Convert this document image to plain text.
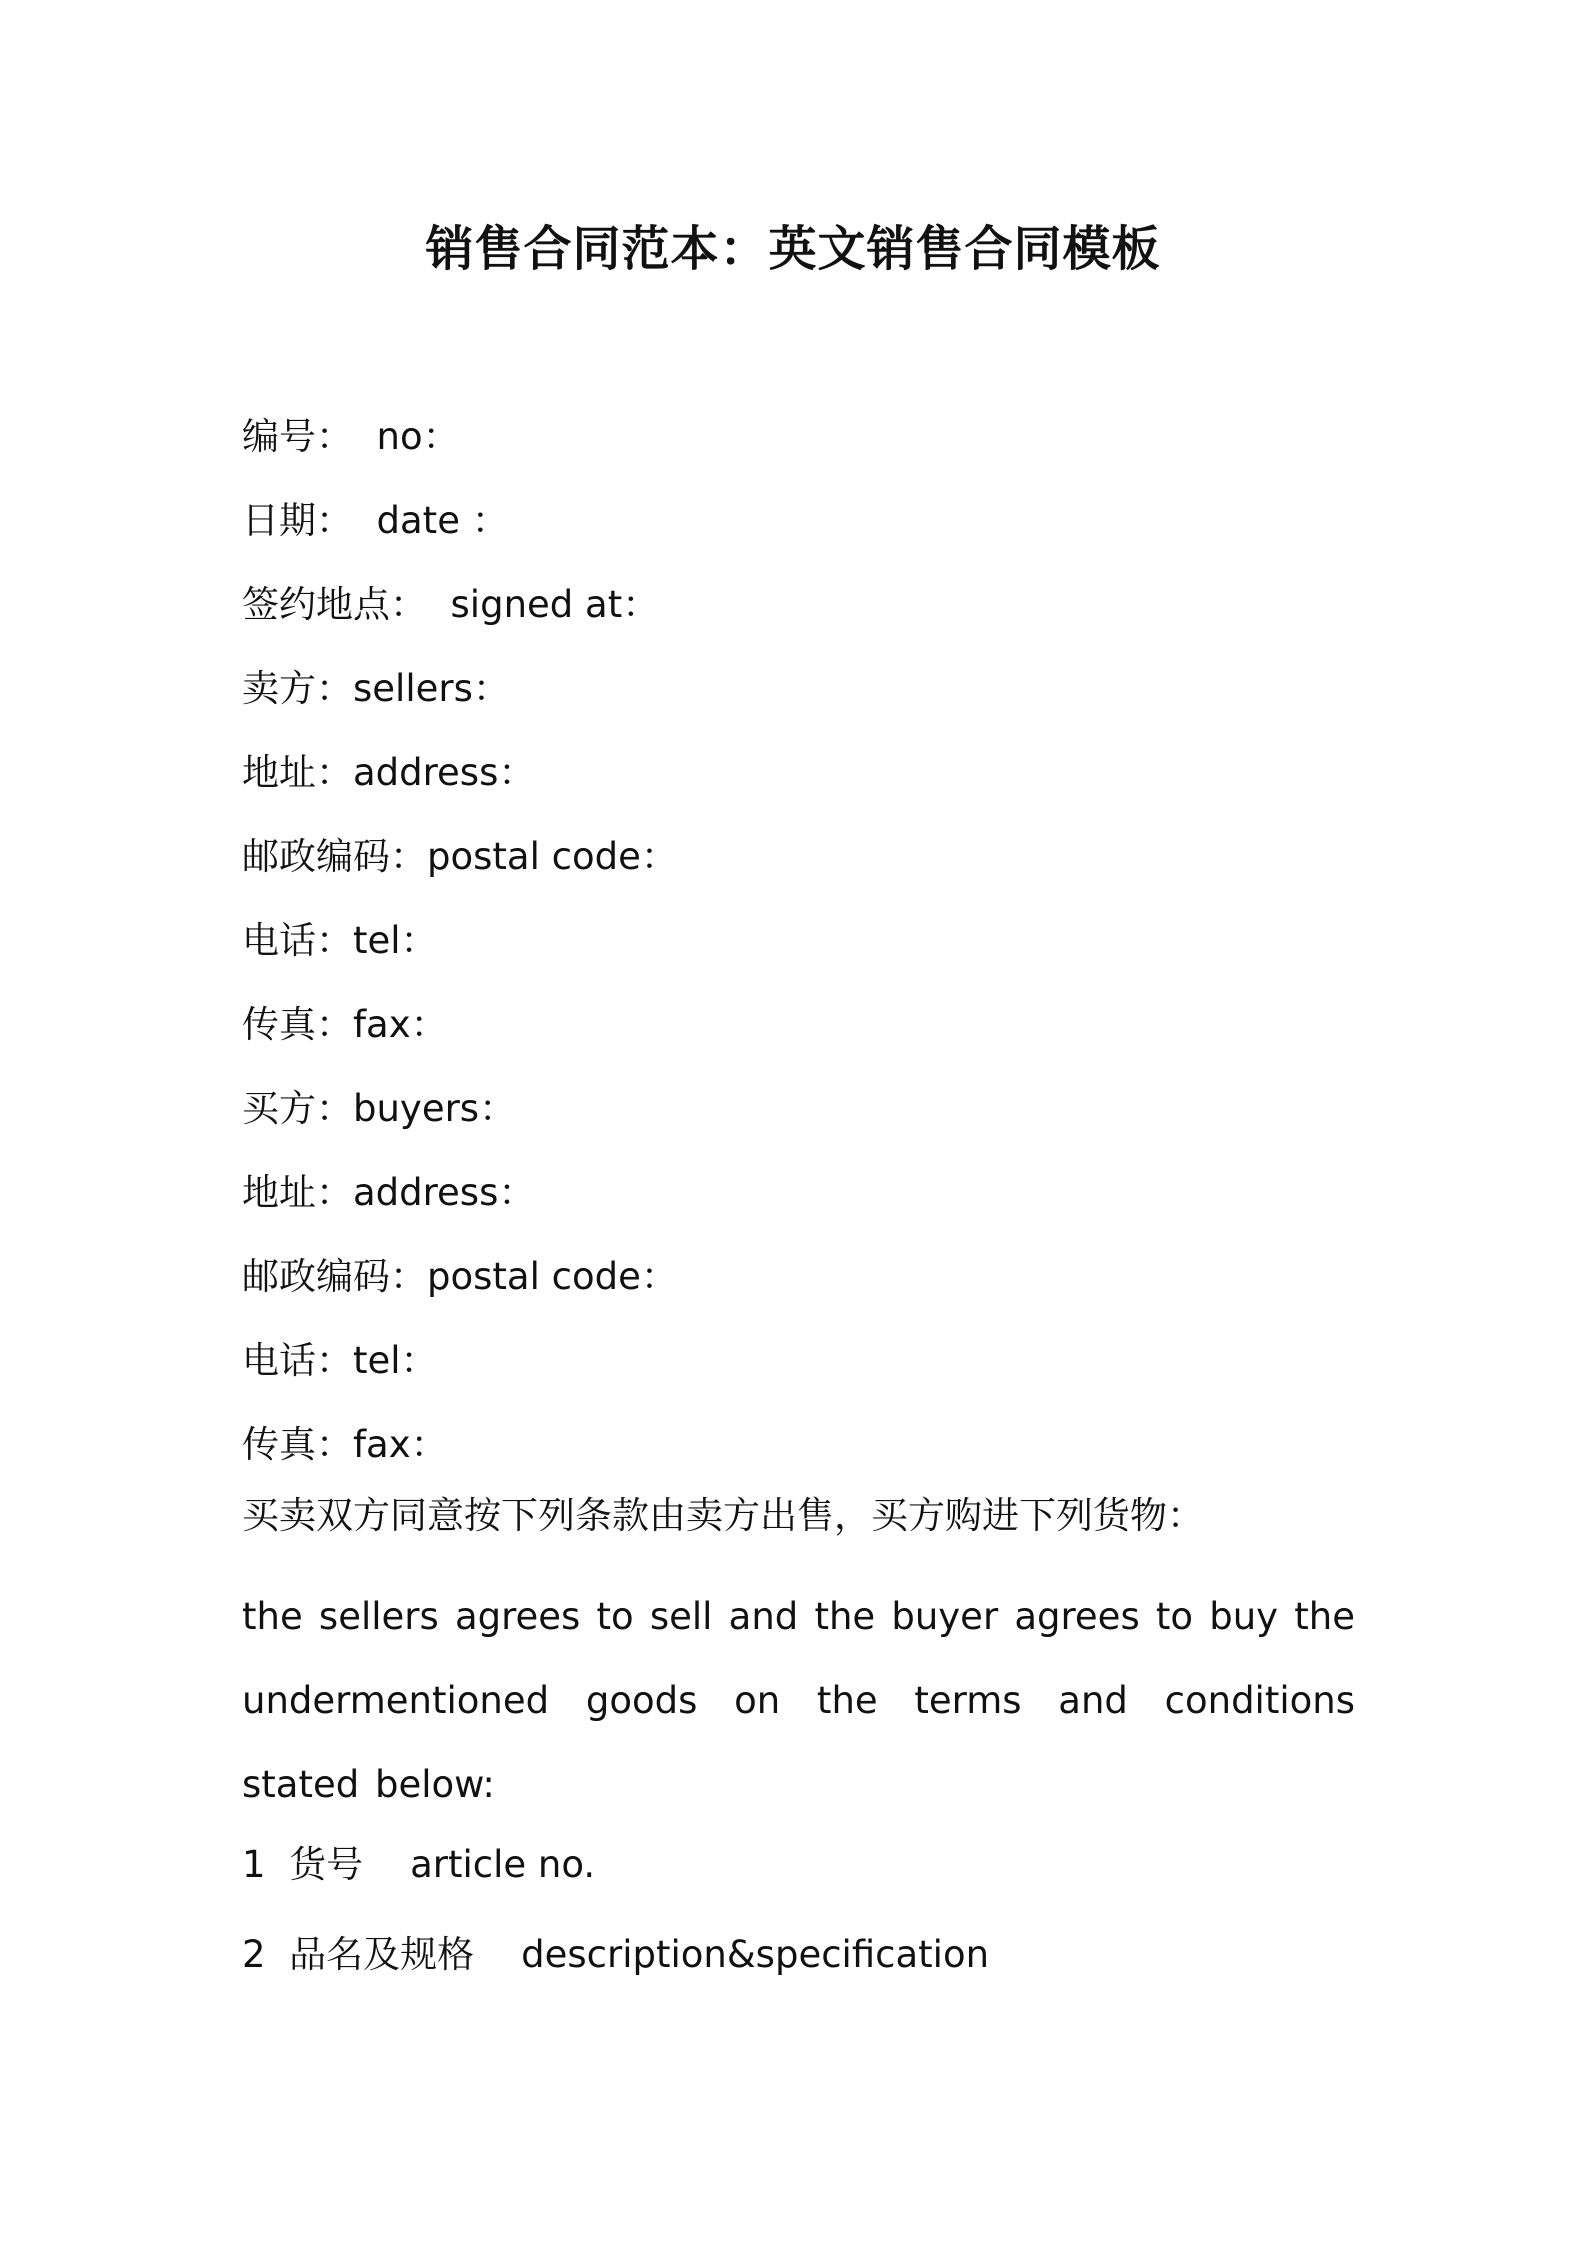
销售合同范本：英文销售合同模板
编号：  no：
日期：  date ：
签约地点：  signed at：
卖方：sellers：
地址：address：
邮政编码：postal code：
电话：tel：
传真：fax：
买方：buyers：
地址：address：
邮政编码：postal code：
电话：tel：
传真：fax：
买卖双方同意按下列条款由卖方出售，买方购进下列货物：
the sellers agrees to sell and the buyer agrees to buy the undermentioned goods on the terms and conditions stated below:
1  货号    article no.
2  品名及规格    description&specification
